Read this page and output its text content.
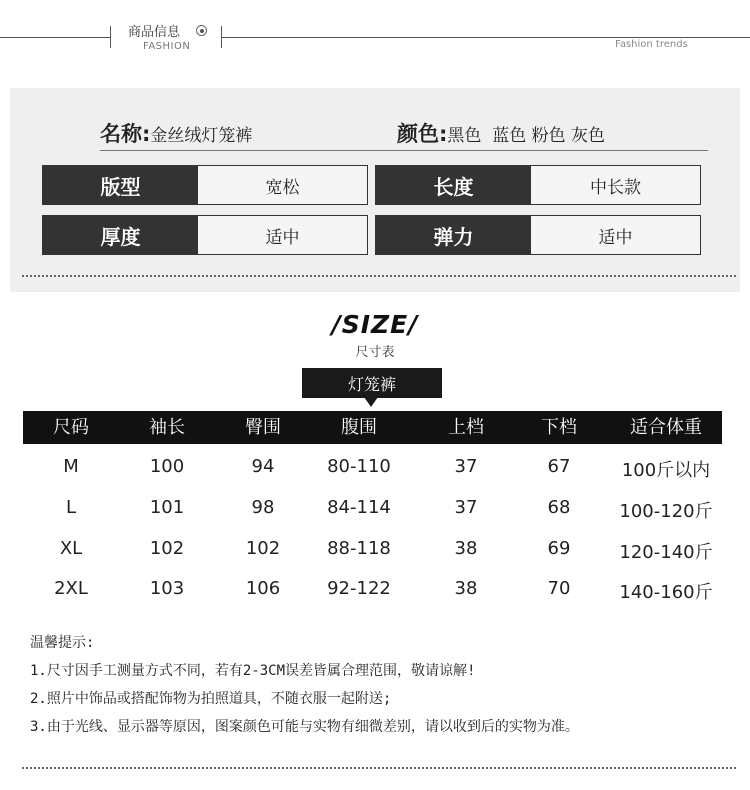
商品信息
FASHION	Fashion trends
名称:金丝绒灯笼裤	颜色:黑色  蓝色 粉色 灰色
版型	宽松	长度	中长款
厚度	适中	弹力	适中
/SIZE/
尺寸表
灯笼裤
尺码	袖长	臀围	腹围	上档	下档	适合体重
M	100	94	80-110	37	67	100斤以内
L	101	98	84-114	37	68	100-120斤
XL	102	102	88-118	38	69	120-140斤
2XL	103	106	92-122	38	70	140-160斤
温馨提示:
1.尺寸因手工测量方式不同，若有2-3CM误差皆属合理范围，敬请谅解!
2.照片中饰品或搭配饰物为拍照道具，不随衣服一起附送;
3.由于光线、显示器等原因，图案颜色可能与实物有细微差别，请以收到后的实物为准。
